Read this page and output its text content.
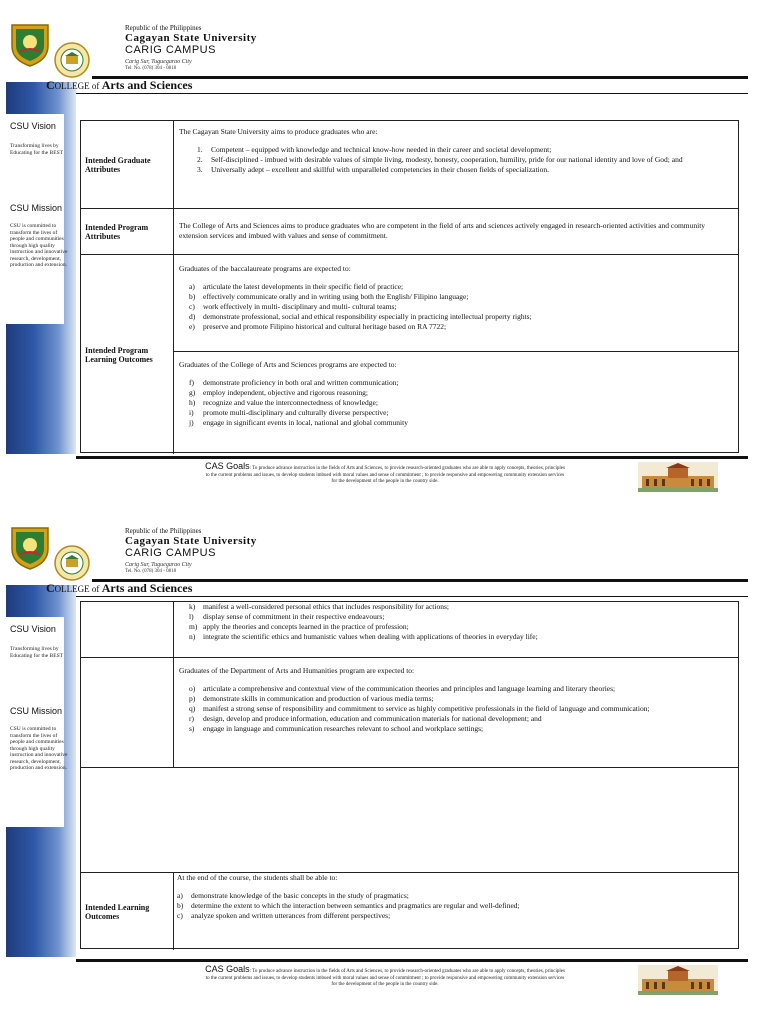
Republic of the Philippines
Cagayan State University
CARIG CAMPUS
Carig Sur, Tuguegarao City
Tel. No. (078) 304 - 0818
CSU Vision
Transforming lives by Educating for the BEST
CSU Mission
CSU is committed to transform the lives of people and communities through high quality instruction and innovative research, development, production and extension.
COLLEGE of Arts and Sciences
Intended Graduate Attributes
The Cagayan State University aims to produce graduates who are:
1.	Competent – equipped with knowledge and technical know-how needed in their career and societal development;
2.	Self-disciplined - imbued with desirable values of simple living, modesty, honesty, cooperation, humility, pride for our national identity and love of God; and
3.	Universally adept – excellent and skillful with unparalleled competencies in their chosen fields of specialization.
Intended Program Attributes
The College of Arts and Sciences aims to produce graduates who are competent in the field of arts and sciences actively engaged in research-oriented activities and community extension services and imbued with values and sense of commitment.
Intended Program Learning Outcomes
Graduates of the baccalaureate programs are expected to:
a)	articulate the latest developments in their specific field of practice;
b)	effectively communicate orally and in writing using both the English/ Filipino language;
c)	work effectively in multi- disciplinary and multi- cultural teams;
d)	demonstrate professional, social and ethical responsibility especially in practicing intellectual property rights;
e)	preserve and promote Filipino historical and cultural heritage based on RA 7722;
Graduates of the College of Arts and Sciences programs are expected to:
f)	demonstrate proficiency in both oral and written communication;
g)	employ independent, objective and rigorous reasoning;
h)	recognize and value the interconnectedness of knowledge;
i)	promote multi-disciplinary and culturally diverse perspective;
j)	engage in significant events in local, national and global community
CAS Goals: To produce advance instruction in the fields of Arts and Sciences, to provide research-oriented graduates who are able to apply concepts, theories, principles to the current problems and issues, to develop students imbued with moral values and sense of commitment ; to provide responsive and empowering community extension services for the development of the people in the country side.
Republic of the Philippines
Cagayan State University
CARIG CAMPUS
Carig Sur, Tuguegarao City
Tel. No. (078) 304 - 0818
CSU Vision
Transforming lives by Educating for the BEST
CSU Mission
CSU is committed to transform the lives of people and communities through high quality instruction and innovative research, development, production and extension.
COLLEGE of Arts and Sciences
k)	manifest a well-considered personal ethics that includes responsibility for actions;
l)	display sense of commitment in their respective endeavours;
m) apply the theories and concepts learned in the practice of profession;
n)	integrate the scientific ethics and humanistic values when dealing with applications of theories in everyday life;
Graduates of the Department of Arts and Humanities program are expected to:
o)	articulate a comprehensive and contextual view of the communication theories and principles and language learning and literary theories;
p)	demonstrate skills in communication and production of various media terms;
q)	manifest a strong sense of responsibility and commitment to service as highly competitive professionals in the field of language and communication;
r)	design, develop and produce information, education and communication materials for national development; and
s)	engage in language and communication researches relevant to school and workplace settings;
Intended Learning Outcomes
At the end of the course, the students shall be able to:
a)	demonstrate knowledge of the basic concepts in the study of pragmatics;
b)	determine the extent to which the interaction between semantics and pragmatics are regular and well-defined;
c)	analyze spoken and written utterances from different perspectives;
CAS Goals: To produce advance instruction in the fields of Arts and Sciences, to provide research-oriented graduates who are able to apply concepts, theories, principles to the current problems and issues, to develop students imbued with moral values and sense of commitment ; to provide responsive and empowering community extension services for the development of the people in the country side.
